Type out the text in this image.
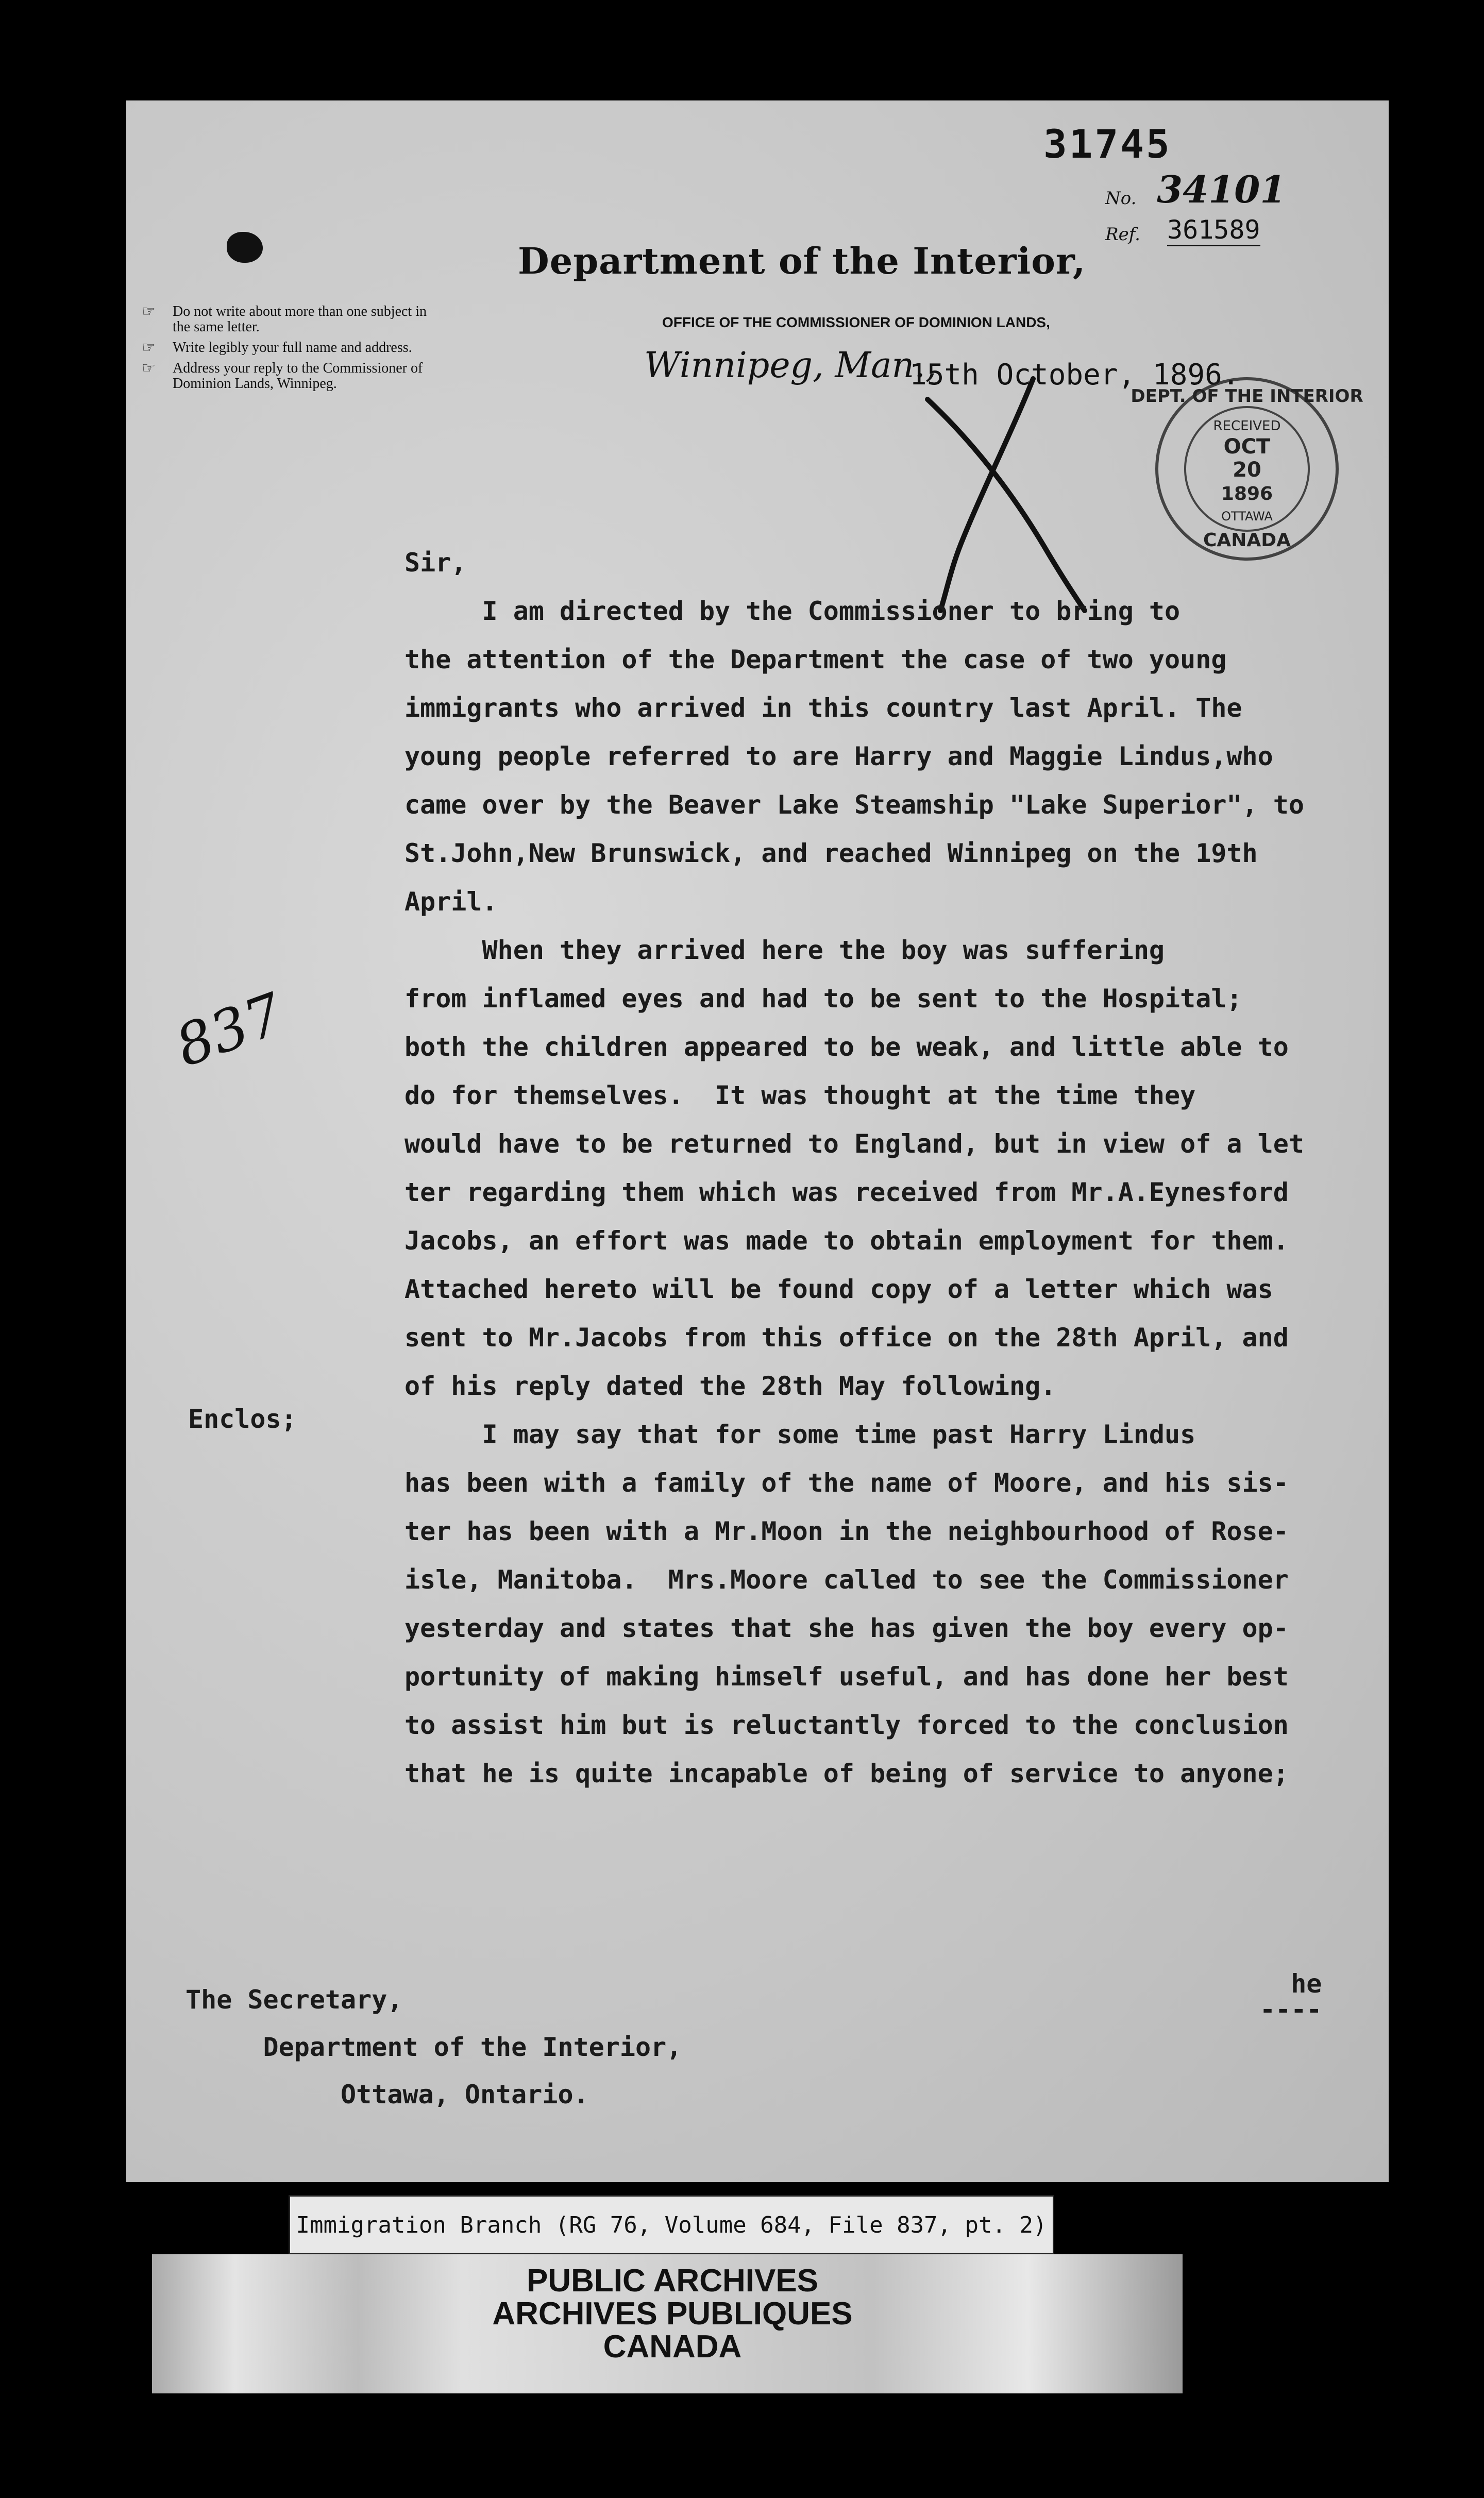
31745
No. 34101
Ref. 361589
Department of the Interior,
OFFICE OF THE COMMISSIONER OF DOMINION LANDS,
Winnipeg, Man.,
15th October, 1896.
☞	Do not write about more than one subject in the same letter.
☞	Write legibly your full name and address.
☞	Address your reply to the Commissioner of Dominion Lands, Winnipeg.
DEPT. OF THE INTERIOR
RECEIVED
OCT
20
1896
OTTAWA
CANADA
Sir,
I am directed by the Commissioner to bring to
the attention of the Department the case of two young
immigrants who arrived in this country last April. The
young people referred to are Harry and Maggie Lindus,who
came over by the Beaver Lake Steamship "Lake Superior", to
St.John,New Brunswick, and reached Winnipeg on the 19th
April.
When they arrived here the boy was suffering
from inflamed eyes and had to be sent to the Hospital;
both the children appeared to be weak, and little able to
do for themselves.  It was thought at the time they
would have to be returned to England, but in view of a let
ter regarding them which was received from Mr.A.Eynesford
Jacobs, an effort was made to obtain employment for them.
Attached hereto will be found copy of a letter which was
sent to Mr.Jacobs from this office on the 28th April, and
of his reply dated the 28th May following.
I may say that for some time past Harry Lindus
has been with a family of the name of Moore, and his sis-
ter has been with a Mr.Moon in the neighbourhood of Rose-
isle, Manitoba.  Mrs.Moore called to see the Commissioner
yesterday and states that she has given the boy every op-
portunity of making himself useful, and has done her best
to assist him but is reluctantly forced to the conclusion
that he is quite incapable of being of service to anyone;
837
Enclos;
he
----
The Secretary,
Department of the Interior,
Ottawa, Ontario.
Immigration Branch (RG 76, Volume 684, File 837, pt. 2)
PUBLIC ARCHIVES
ARCHIVES PUBLIQUES
CANADA
